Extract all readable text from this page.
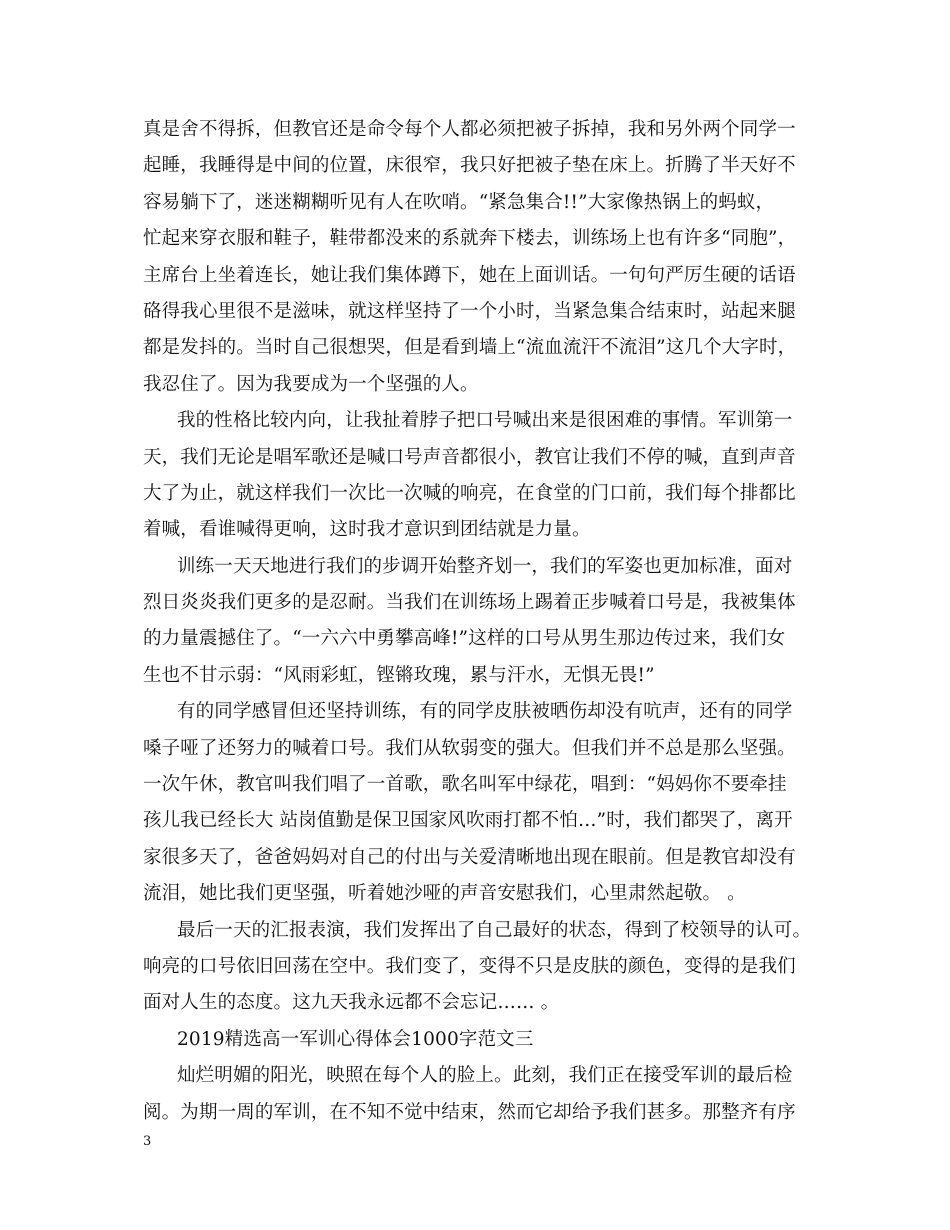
真是舍不得拆，但教官还是命令每个人都必须把被子拆掉，我和另外两个同学一
起睡，我睡得是中间的位置，床很窄，我只好把被子垫在床上。折腾了半天好不
容易躺下了，迷迷糊糊听见有人在吹哨。“紧急集合!!”大家像热锅上的蚂蚁，
忙起来穿衣服和鞋子，鞋带都没来的系就奔下楼去，训练场上也有许多“同胞”，
主席台上坐着连长，她让我们集体蹲下，她在上面训话。一句句严厉生硬的话语
硌得我心里很不是滋味，就这样坚持了一个小时，当紧急集合结束时，站起来腿
都是发抖的。当时自己很想哭，但是看到墙上“流血流汗不流泪”这几个大字时，
我忍住了。因为我要成为一个坚强的人。
我的性格比较内向，让我扯着脖子把口号喊出来是很困难的事情。军训第一
天，我们无论是唱军歌还是喊口号声音都很小，教官让我们不停的喊，直到声音
大了为止，就这样我们一次比一次喊的响亮，在食堂的门口前，我们每个排都比
着喊，看谁喊得更响，这时我才意识到团结就是力量。
训练一天天地进行我们的步调开始整齐划一，我们的军姿也更加标准，面对
烈日炎炎我们更多的是忍耐。当我们在训练场上踢着正步喊着口号是，我被集体
的力量震撼住了。“一六六中勇攀高峰!”这样的口号从男生那边传过来，我们女
生也不甘示弱：“风雨彩虹，铿锵玫瑰，累与汗水，无惧无畏!”
有的同学感冒但还坚持训练，有的同学皮肤被晒伤却没有吭声，还有的同学
嗓子哑了还努力的喊着口号。我们从软弱变的强大。但我们并不总是那么坚强。
一次午休，教官叫我们唱了一首歌，歌名叫军中绿花，唱到：“妈妈你不要牵挂
孩儿我已经长大 站岗值勤是保卫国家风吹雨打都不怕…”时，我们都哭了，离开
家很多天了，爸爸妈妈对自己的付出与关爱清晰地出现在眼前。但是教官却没有
流泪，她比我们更坚强，听着她沙哑的声音安慰我们，心里肃然起敬。 。
最后一天的汇报表演，我们发挥出了自己最好的状态，得到了校领导的认可。
响亮的口号依旧回荡在空中。我们变了，变得不只是皮肤的颜色，变得的是我们
面对人生的态度。这九天我永远都不会忘记…… 。
2019精选高一军训心得体会1000字范文三
灿烂明媚的阳光，映照在每个人的脸上。此刻，我们正在接受军训的最后检
阅。为期一周的军训，在不知不觉中结束，然而它却给予我们甚多。那整齐有序
3
